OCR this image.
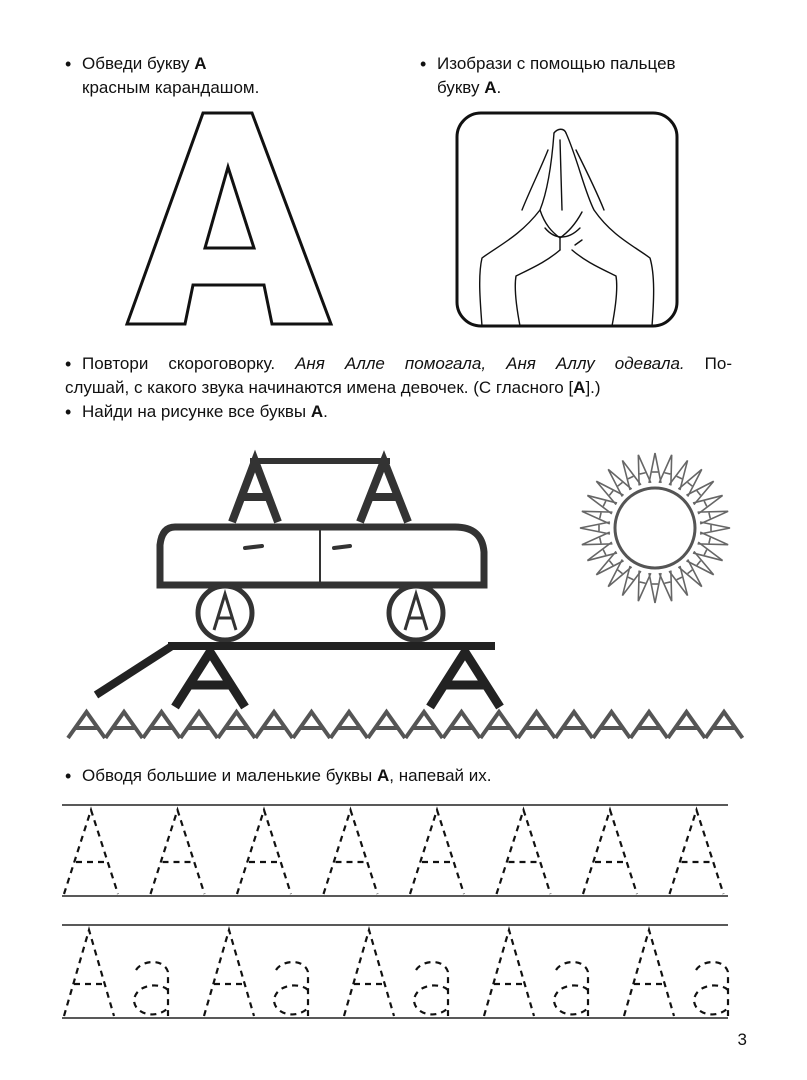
• Обведи букву А
красным карандашом.
• Изобрази с помощью пальцев
букву А.
• Повтори скороговорку. Аня Алле помогала, Аня Аллу одевала. По-
слушай, с какого звука начинаются имена девочек. (С гласного [А].)
• Найди на рисунке все буквы А.
• Обводя большие и маленькие буквы А, напевай их.
3
